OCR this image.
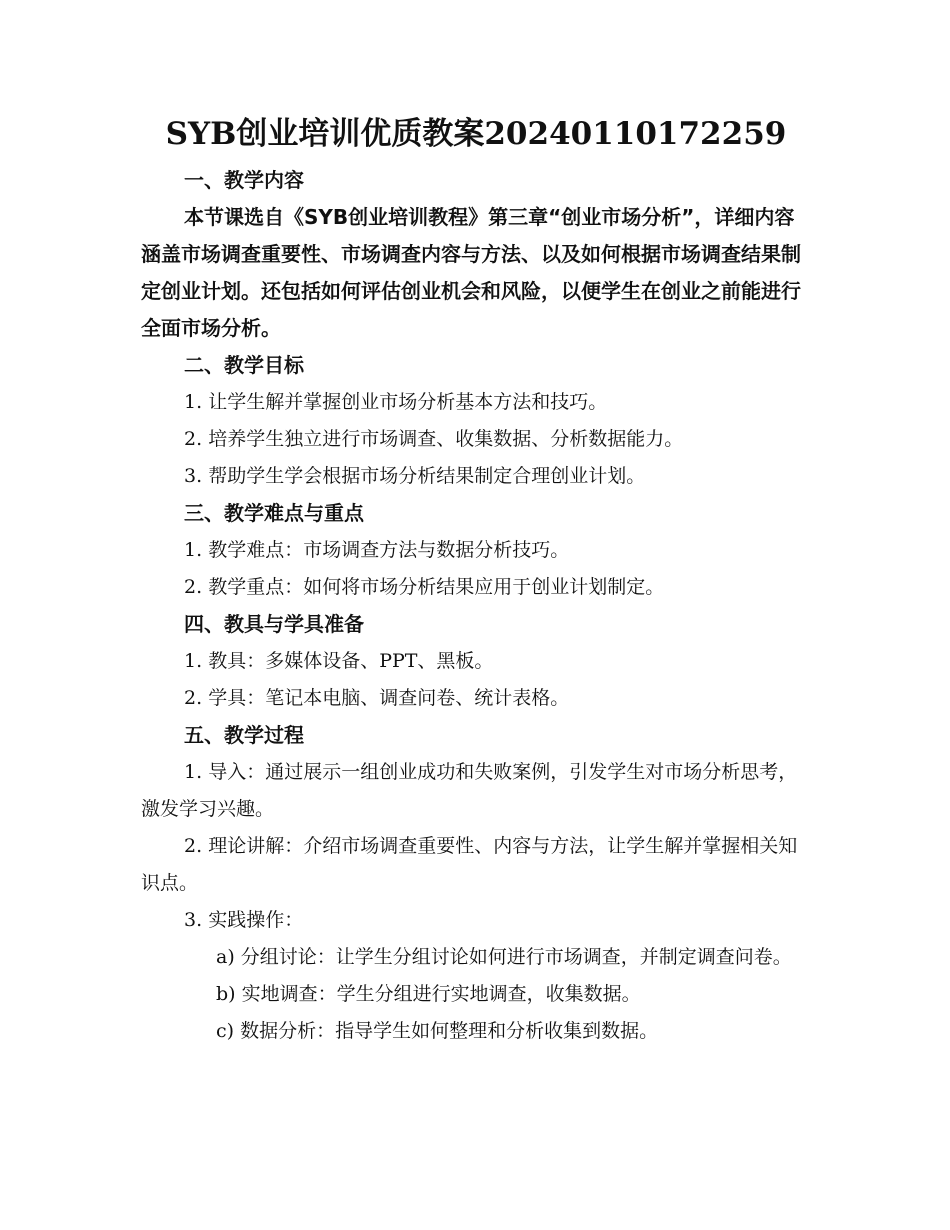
SYB创业培训优质教案20240110172259

一、教学内容

本节课选自《SYB创业培训教程》第三章“创业市场分析”，详细内容涵盖市场调查重要性、市场调查内容与方法、以及如何根据市场调查结果制定创业计划。还包括如何评估创业机会和风险，以便学生在创业之前能进行全面市场分析。

二、教学目标

1. 让学生解并掌握创业市场分析基本方法和技巧。

2. 培养学生独立进行市场调查、收集数据、分析数据能力。

3. 帮助学生学会根据市场分析结果制定合理创业计划。

三、教学难点与重点

1. 教学难点：市场调查方法与数据分析技巧。

2. 教学重点：如何将市场分析结果应用于创业计划制定。

四、教具与学具准备

1. 教具：多媒体设备、PPT、黑板。

2. 学具：笔记本电脑、调查问卷、统计表格。

五、教学过程

1. 导入：通过展示一组创业成功和失败案例，引发学生对市场分析思考，激发学习兴趣。

2. 理论讲解：介绍市场调查重要性、内容与方法，让学生解并掌握相关知识点。

3. 实践操作：

a) 分组讨论：让学生分组讨论如何进行市场调查，并制定调查问卷。

b) 实地调查：学生分组进行实地调查，收集数据。

c) 数据分析：指导学生如何整理和分析收集到数据。
